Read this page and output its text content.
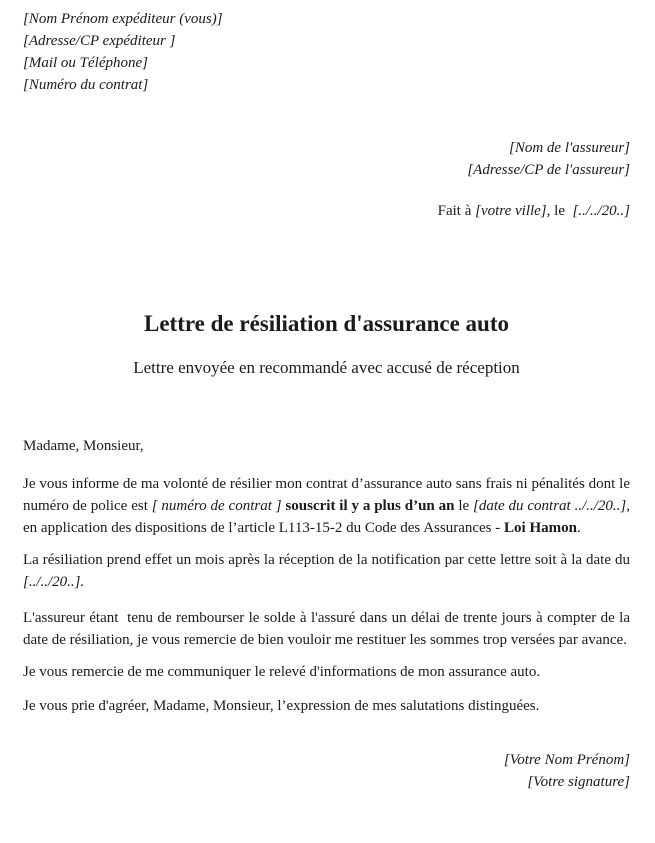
[Nom Prénom expéditeur (vous)]
[Adresse/CP expéditeur ]
[Mail ou Téléphone]
[Numéro du contrat]
[Nom de l'assureur]
[Adresse/CP de l'assureur]
Fait à [votre ville], le  [../../20..]
Lettre de résiliation d'assurance auto
Lettre envoyée en recommandé avec accusé de réception
Madame, Monsieur,

Je vous informe de ma volonté de résilier mon contrat d’assurance auto sans frais ni pénalités dont le numéro de police est [ numéro de contrat ] souscrit il y a plus d’un an le [date du contrat ../../20..], en application des dispositions de l’article L113-15-2 du Code des Assurances - Loi Hamon.

La résiliation prend effet un mois après la réception de la notification par cette lettre soit à la date du [../../20..].

L'assureur étant  tenu de rembourser le solde à l'assuré dans un délai de trente jours à compter de la date de résiliation, je vous remercie de bien vouloir me restituer les sommes trop versées par avance.

Je vous remercie de me communiquer le relevé d'informations de mon assurance auto.

Je vous prie d'agréer, Madame, Monsieur, l’expression de mes salutations distinguées.

[Votre Nom Prénom]
[Votre signature]
